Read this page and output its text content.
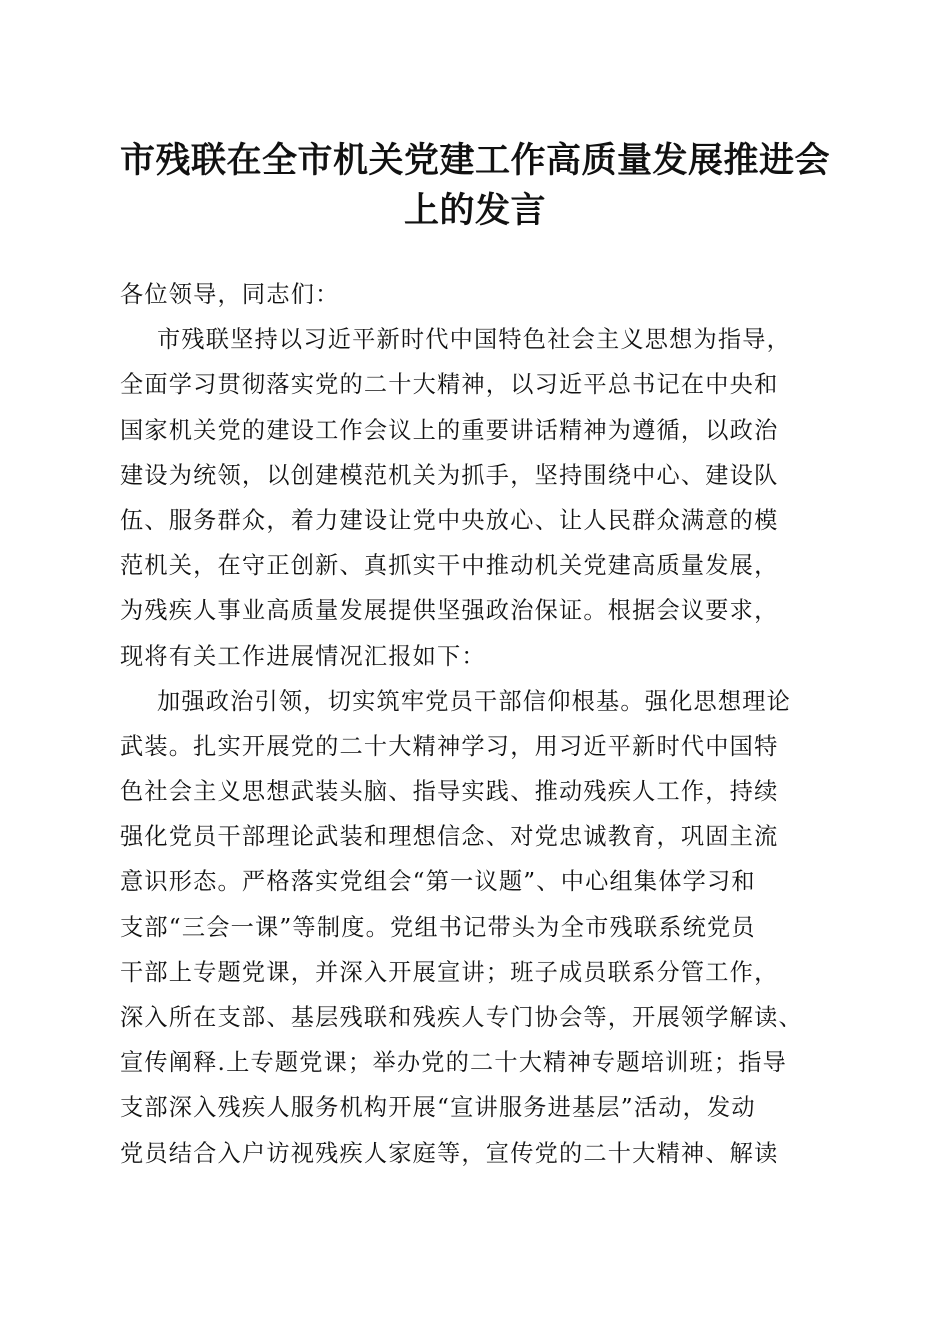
市残联在全市机关党建工作高质量发展推进会
上的发言
各位领导，同志们：
市残联坚持以习近平新时代中国特色社会主义思想为指导，
全面学习贯彻落实党的二十大精神，以习近平总书记在中央和
国家机关党的建设工作会议上的重要讲话精神为遵循，以政治
建设为统领，以创建模范机关为抓手，坚持围绕中心、建设队
伍、服务群众，着力建设让党中央放心、让人民群众满意的模
范机关，在守正创新、真抓实干中推动机关党建高质量发展，
为残疾人事业高质量发展提供坚强政治保证。根据会议要求，
现将有关工作进展情况汇报如下：
加强政治引领，切实筑牢党员干部信仰根基。强化思想理论
武装。扎实开展党的二十大精神学习，用习近平新时代中国特
色社会主义思想武装头脑、指导实践、推动残疾人工作，持续
强化党员干部理论武装和理想信念、对党忠诚教育，巩固主流
意识形态。严格落实党组会“第一议题”、中心组集体学习和
支部“三会一课”等制度。党组书记带头为全市残联系统党员
干部上专题党课，并深入开展宣讲；班子成员联系分管工作，
深入所在支部、基层残联和残疾人专门协会等，开展领学解读、
宣传阐释.上专题党课；举办党的二十大精神专题培训班；指导
支部深入残疾人服务机构开展“宣讲服务进基层”活动，发动
党员结合入户访视残疾人家庭等，宣传党的二十大精神、解读
